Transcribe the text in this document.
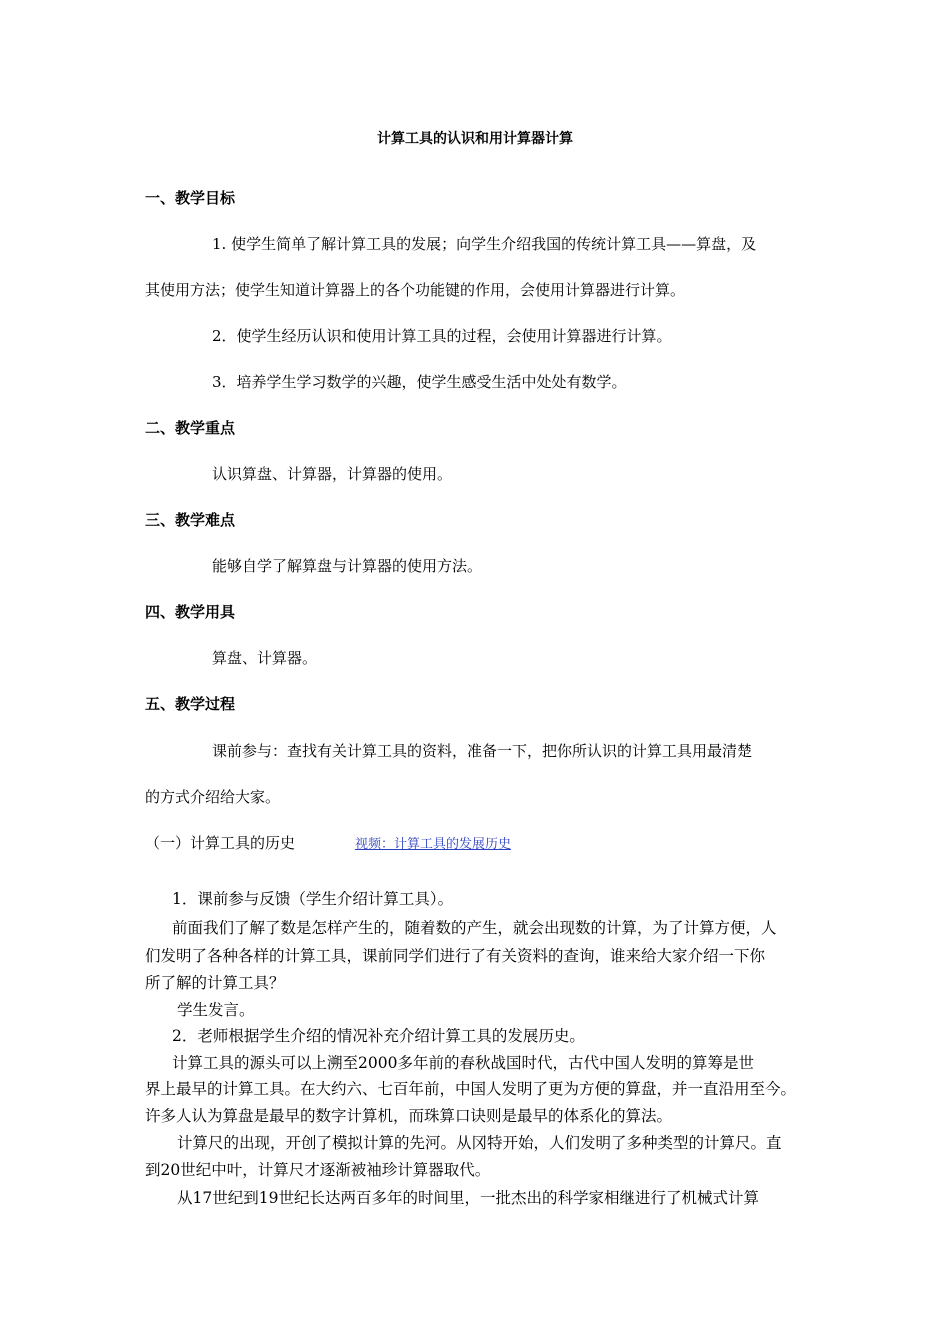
计算工具的认识和用计算器计算
一、教学目标
1. 使学生简单了解计算工具的发展；向学生介绍我国的传统计算工具——算盘，及
其使用方法；使学生知道计算器上的各个功能键的作用，会使用计算器进行计算。
2．使学生经历认识和使用计算工具的过程，会使用计算器进行计算。
3．培养学生学习数学的兴趣，使学生感受生活中处处有数学。
二、教学重点
认识算盘、计算器，计算器的使用。
三、教学难点
能够自学了解算盘与计算器的使用方法。
四、教学用具
算盘、计算器。
五、教学过程
课前参与：查找有关计算工具的资料，准备一下，把你所认识的计算工具用最清楚
的方式介绍给大家。
（一）计算工具的历史	视频：计算工具的发展历史
1．课前参与反馈（学生介绍计算工具）。
前面我们了解了数是怎样产生的，随着数的产生，就会出现数的计算，为了计算方便，人
们发明了各种各样的计算工具，课前同学们进行了有关资料的查询，谁来给大家介绍一下你
所了解的计算工具？
学生发言。
2．老师根据学生介绍的情况补充介绍计算工具的发展历史。
计算工具的源头可以上溯至2000多年前的春秋战国时代，古代中国人发明的算筹是世
界上最早的计算工具。在大约六、七百年前，中国人发明了更为方便的算盘，并一直沿用至今。
许多人认为算盘是最早的数字计算机，而珠算口诀则是最早的体系化的算法。
计算尺的出现，开创了模拟计算的先河。从冈特开始，人们发明了多种类型的计算尺。直
到20世纪中叶，计算尺才逐渐被袖珍计算器取代。
从17世纪到19世纪长达两百多年的时间里，一批杰出的科学家相继进行了机械式计算
